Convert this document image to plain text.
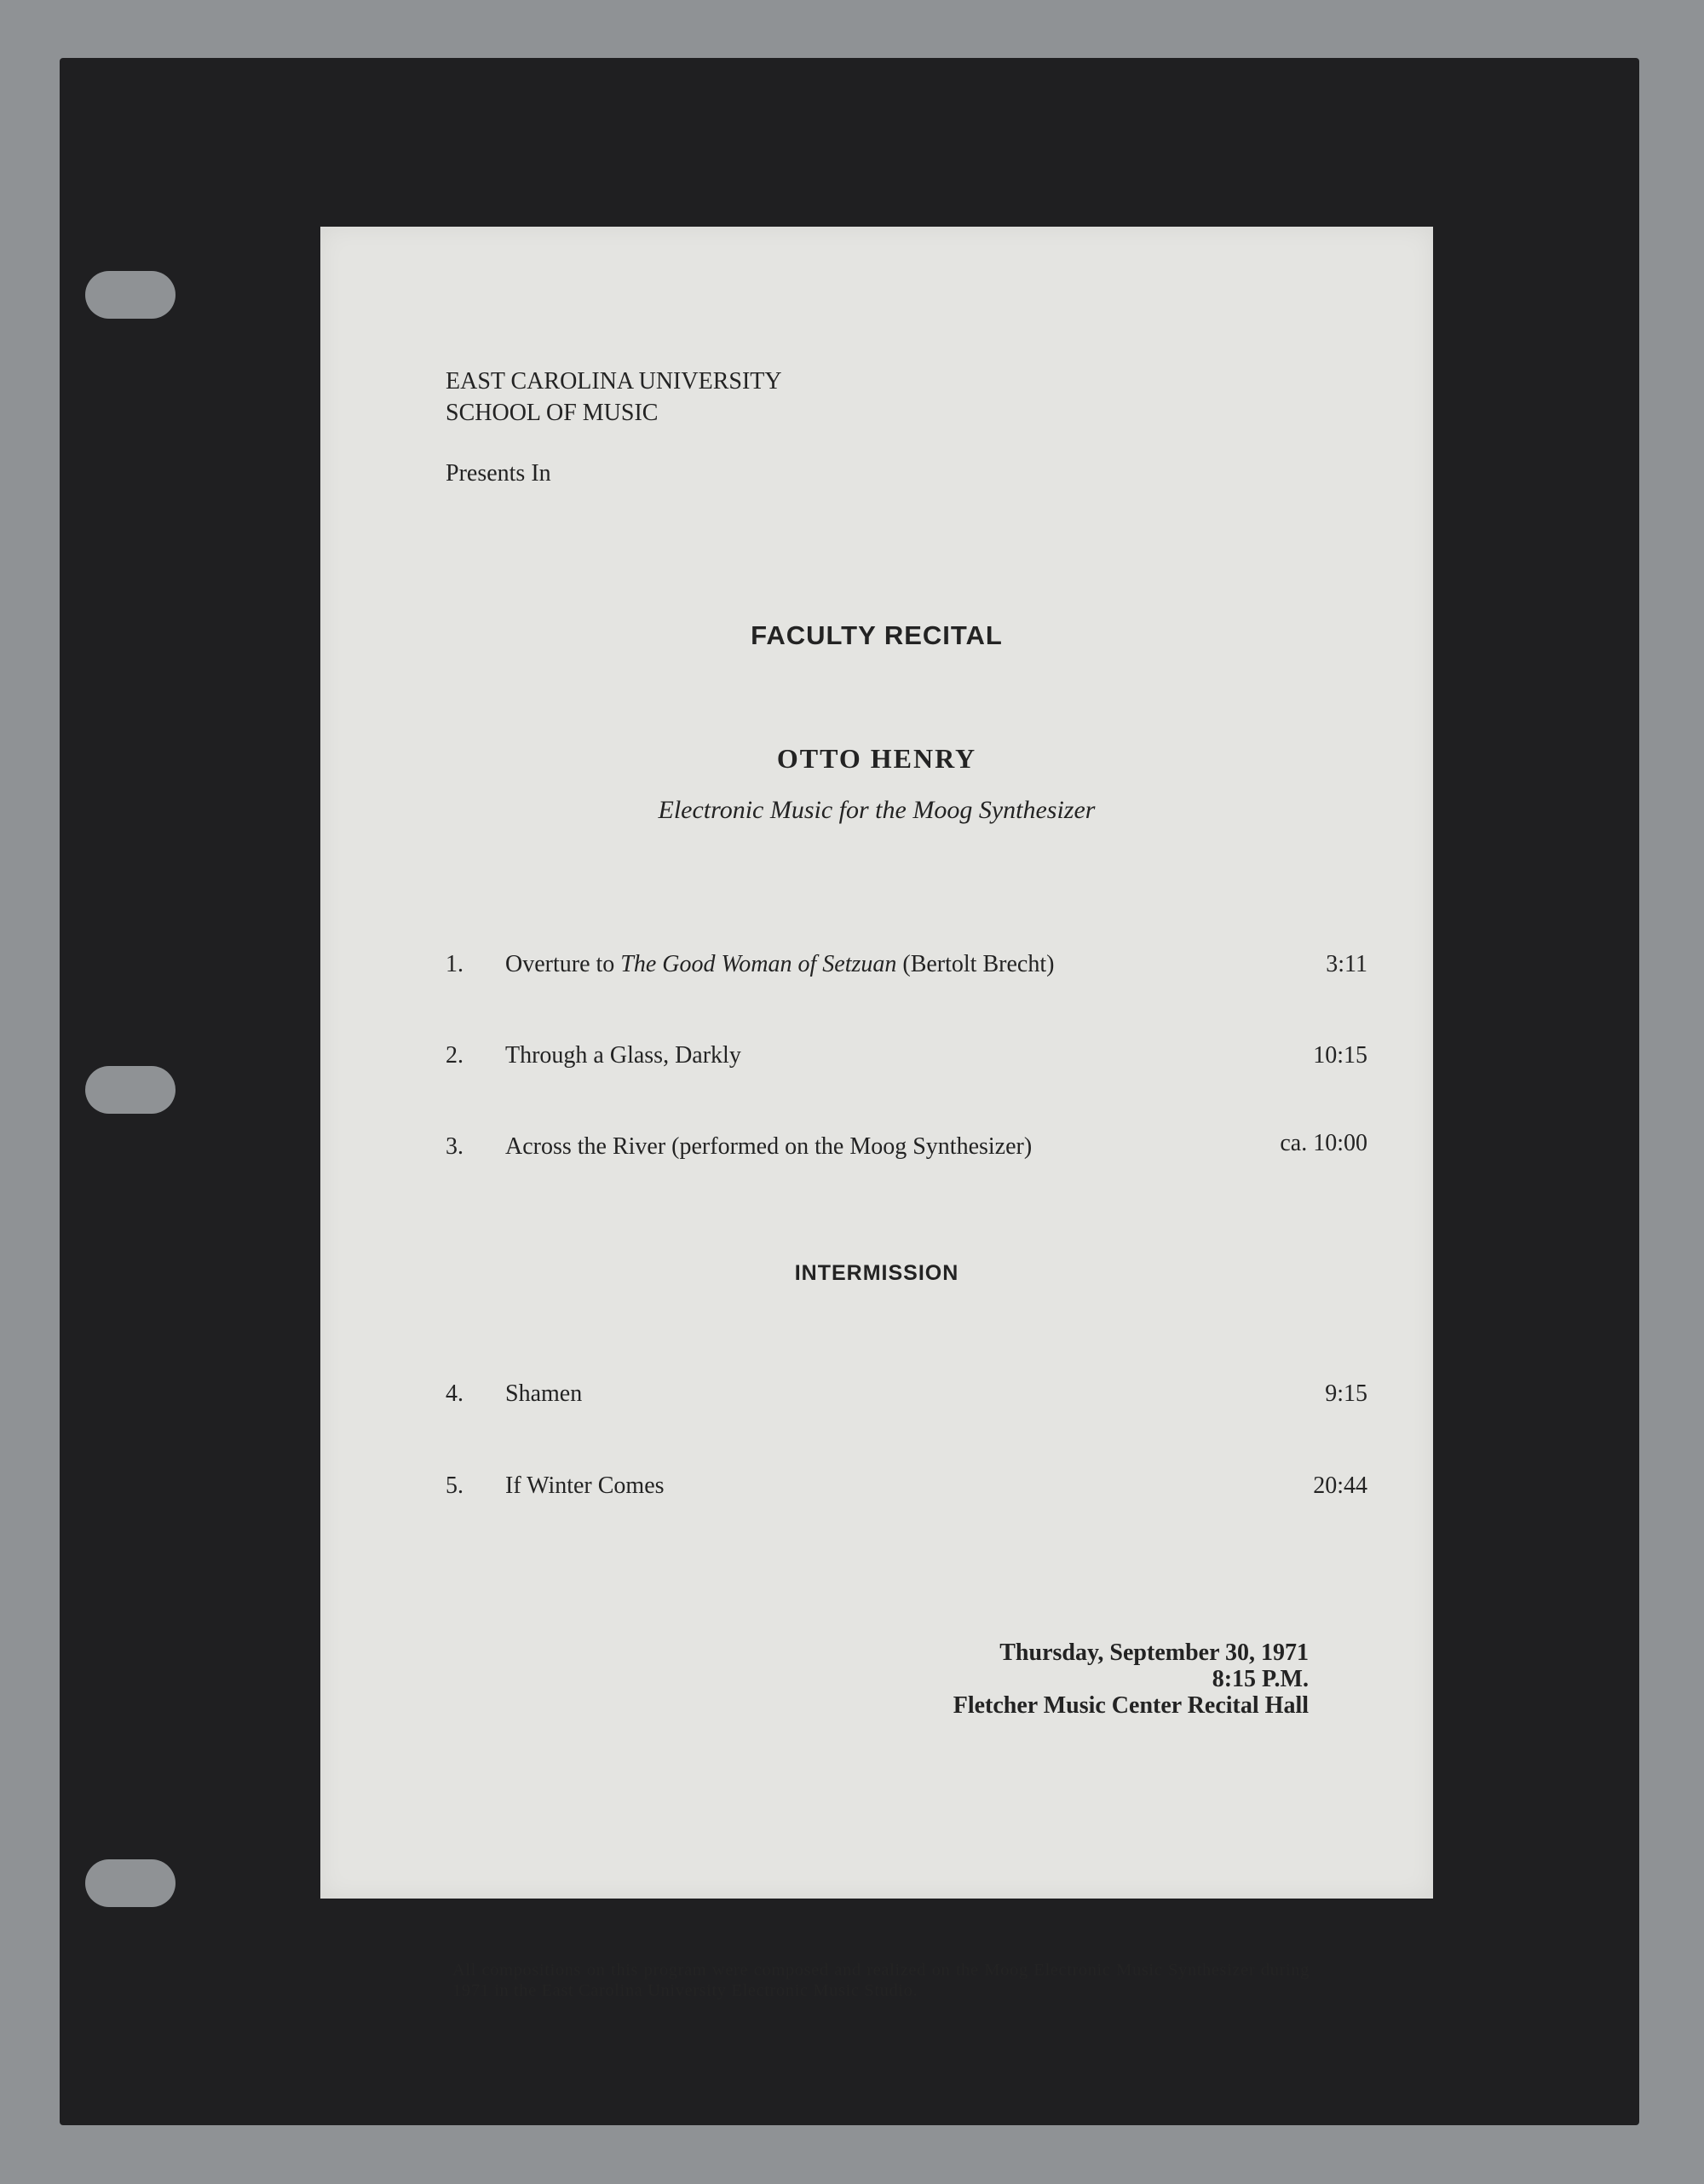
EAST CAROLINA UNIVERSITY
SCHOOL OF MUSIC
Presents In
FACULTY RECITAL
OTTO HENRY
Electronic Music for the Moog Synthesizer
1. Overture to The Good Woman of Setzuan (Bertolt Brecht)	3:11
2. Through a Glass, Darkly	10:15
3. Across the River (performed on the Moog Synthesizer)	ca. 10:00
INTERMISSION
4. Shamen	9:15
5. If Winter Comes	20:44
Thursday, September 30, 1971
8:15 P.M.
Fletcher Music Center Recital Hall
All compositions on this program were composed and realized on the Moog Electronic Music Synthesizer during 1971 in the East Carolina University Electronic Music Studio.
